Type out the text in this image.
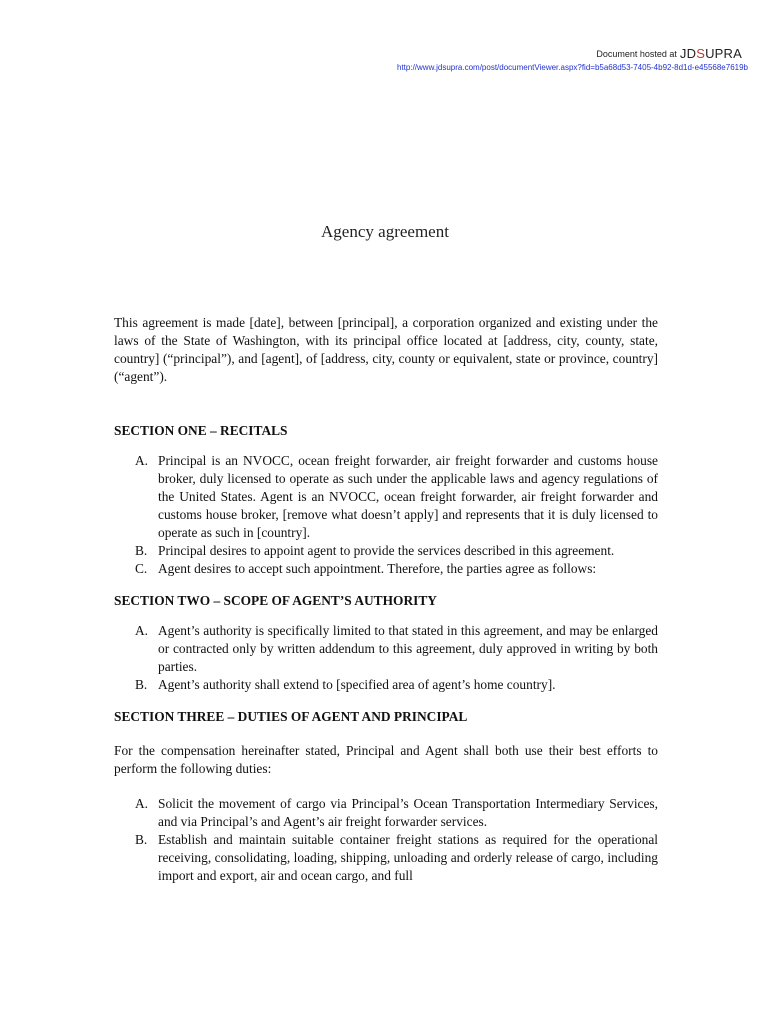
Document hosted at JDSUPRA
http://www.jdsupra.com/post/documentViewer.aspx?fid=b5a68d53-7405-4b92-8d1d-e45568e7619b
Agency agreement

This agreement is made [date], between [principal], a corporation organized and existing under the laws of the State of Washington, with its principal office located at [address, city, county, state, country] (“principal”), and [agent], of [address, city, county or equivalent, state or province, country] (“agent”).

SECTION ONE – RECITALS
A. Principal is an NVOCC, ocean freight forwarder, air freight forwarder and customs house broker, duly licensed to operate as such under the applicable laws and agency regulations of the United States. Agent is an NVOCC, ocean freight forwarder, air freight forwarder and customs house broker, [remove what doesn’t apply] and represents that it is duly licensed to operate as such in [country].
B. Principal desires to appoint agent to provide the services described in this agreement.
C. Agent desires to accept such appointment. Therefore, the parties agree as follows:
SECTION TWO – SCOPE OF AGENT’S AUTHORITY
A. Agent’s authority is specifically limited to that stated in this agreement, and may be enlarged or contracted only by written addendum to this agreement, duly approved in writing by both parties.
B. Agent’s authority shall extend to [specified area of agent’s home country].
SECTION THREE – DUTIES OF AGENT AND PRINCIPAL

For the compensation hereinafter stated, Principal and Agent shall both use their best efforts to perform the following duties:

A. Solicit the movement of cargo via Principal’s Ocean Transportation Intermediary Services, and via Principal’s and Agent’s air freight forwarder services.
B. Establish and maintain suitable container freight stations as required for the operational receiving, consolidating, loading, shipping, unloading and orderly release of cargo, including import and export, air and ocean cargo, and full
